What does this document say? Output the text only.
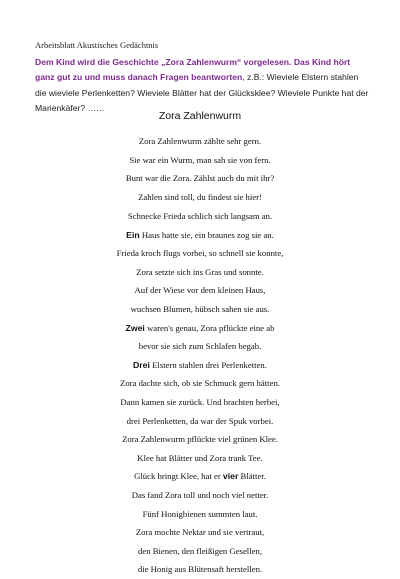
Arbeitsblatt Akustisches Gedächtnis
Dem Kind wird die Geschichte „Zora Zahlenwurm“ vorgelesen. Das Kind hört ganz gut zu und muss danach Fragen beantworten, z.B.: Wieviele Elstern stahlen die wieviele Perlenketten? Wieviele Blätter hat der Glücksklee? Wieviele Punkte hat der Marienkäfer? ……
Zora Zahlenwurm
Zora Zahlenwurm zählte sehr gern.
Sie war ein Wurm, man sah sie von fern.
Bunt war die Zora. Zählst auch du mit ihr?
Zahlen sind toll, du findest sie hier!
Schnecke Frieda schlich sich langsam an.
Ein Haus hatte sie, ein braunes zog sie an.
Frieda kroch flugs vorbei, so schnell sie konnte,
Zora setzte sich ins Gras und sonnte.
Auf der Wiese vor dem kleinen Haus,
wuchsen Blumen, hübsch sahen sie aus.
Zwei waren's genau, Zora pflückte eine ab
bevor sie sich zum Schlafen begab.
Drei Elstern stahlen drei Perlenketten.
Zora dachte sich, ob sie Schmuck gern hätten.
Dann kamen sie zurück. Und brachten herbei,
drei Perlenketten, da war der Spuk vorbei.
Zora Zahlenwurm pflückte viel grünen Klee.
Klee hat Blätter und Zora trank Tee.
Glück bringt Klee, hat er vier Blätter.
Das fand Zora toll und noch viel netter.
Fünf Honigbienen summten laut.
Zora mochte Nektar und sie vertraut,
den Bienen, den fleißigen Gesellen,
die Honig aus Blütensaft herstellen.
